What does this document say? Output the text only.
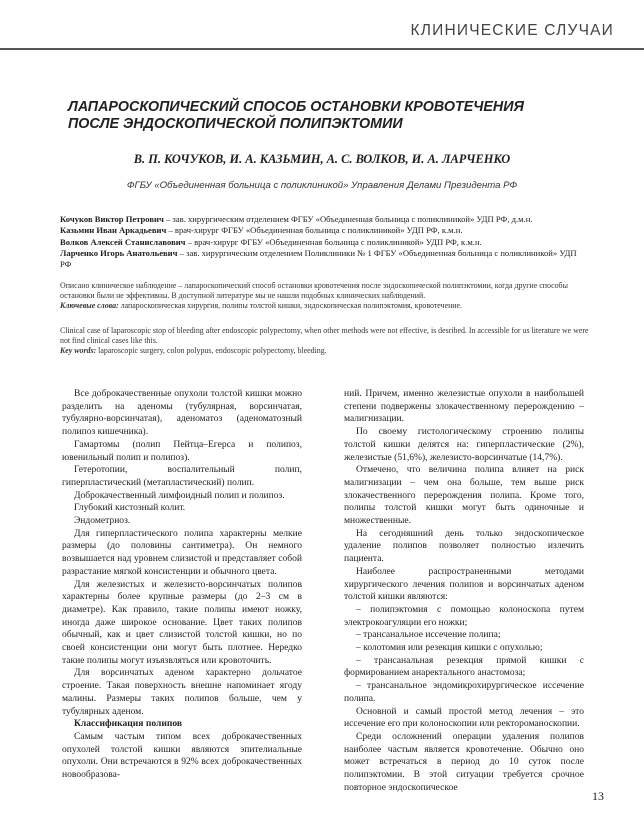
КЛИНИЧЕСКИЕ СЛУЧАИ
ЛАПАРОСКОПИЧЕСКИЙ СПОСОБ ОСТАНОВКИ КРОВОТЕЧЕНИЯ
ПОСЛЕ ЭНДОСКОПИЧЕСКОЙ ПОЛИПЭКТОМИИ
В. П. КОЧУКОВ, И. А. КАЗЬМИН, А. С. ВОЛКОВ, И. А. ЛАРЧЕНКО
ФГБУ «Объединенная больница с поликлиникой» Управления Делами Президента РФ

Кочуков Виктор Петрович – зав. хирургическим отделением ФГБУ «Объединенная больница с поликлиникой» УДП РФ, д.м.н.

Казьмин Иван Аркадьевич – врач-хирург ФГБУ «Объединенная больница с поликлиникой» УДП РФ, к.м.н.

Волков Алексей Станиславович – врач-хирург ФГБУ «Объединенная больница с поликлиникой» УДП РФ, к.м.н.

Ларченко Игорь Анатольевич – зав. хирургическим отделением Поликлиники № 1 ФГБУ «Объединенная больница с поликлиникой» УДП РФ

Описано клиническое наблюдение – лапароскопический способ остановки кровотечения после эндоскопической полипэктомии, когда другие способы остановки были не эффективны. В доступной литературе мы не нашли подобных клинических наблюдений.

Ключевые слова: лапароскопическая хирургия, полипы толстой кишки, эндоскопическая полипэктомия, кровотечение.

Clinical case of laparoscopic stop of bleeding after endoscopic polypectomy, when other methods were not effective, is desribed. In accessible for us literature we were not find clinical cases like this.

Key words: laparoscopic surgery, colon polypus, endoscopic polypectomy, bleeding.

Все доброкачественные опухоли толстой кишки можно разделить на аденомы (тубулярная, ворсинчатая, тубулярно-ворсинчатая), аденоматоз (аденоматозный полипоз кишечника).

Гамартомы (полип Пейтца–Егерса и полипоз, ювенильный полип и полипоз).

Гетеротопии, воспалительный полип, гиперпластический (метапластический) полип.

Доброкачественный лимфоидный полип и полипоз.

Глубокий кистозный колит.

Эндометриоз.

Для гиперпластического полипа характерны мелкие размеры (до половины сантиметра). Он немного возвышается над уровнем слизистой и представляет собой разрастание мягкой консистенции и обычного цвета.

Для железистых и железисто-ворсинчатых полипов характерны более крупные размеры (до 2–3 см в диаметре). Как правило, такие полипы имеют ножку, иногда даже широкое основание. Цвет таких полипов обычный, как и цвет слизистой толстой кишки, но по своей консистенции они могут быть плотнее. Нередко такие полипы могут изъязвляться или кровоточить.

Для ворсинчатых аденом характерно дольчатое строение. Такая поверхность внешне напоминает ягоду малины. Размеры таких полипов больше, чем у тубулярных аденом.

Классификация полипов

Самым частым типом всех доброкачественных опухолей толстой кишки являются эпителиальные опухоли. Они встречаются в 92% всех доброкачественных новообразова-

ний. Причем, именно железистые опухоли в наибольшей степени подвержены злокачественному перерождению – малигнизации.

По своему гистологическому строению полипы толстой кишки делятся на: гиперпластические (2%), железистые (51,6%), железисто-ворсинчатые (14,7%).

Отмечено, что величина полипа влияет на риск малигнизации – чем она больше, тем выше риск злокачественного перерождения полипа. Кроме того, полипы толстой кишки могут быть одиночные и множественные.

На сегодняшний день только эндоскопическое удаление полипов позволяет полностью излечить пациента.

Наиболее распространенными методами хирургического лечения полипов и ворсинчатых аденом толстой кишки являются:

– полипэктомия с помощью колоноскопа путем электрокоагуляции его ножки;

– трансанальное иссечение полипа;

– колотомия или резекция кишки с опухолью;

– трансанальная резекция прямой кишки с формированием анаректального анастомоза;

– трансанальное эндомикрохирургическое иссечение полипа.

Основной и самый простой метод лечения – это иссечение его при колоноскопии или ректороманоскопии.

Среди осложнений операции удаления полипов наиболее частым является кровотечение. Обычно оно может встречаться в период до 10 суток после полипэктомии. В этой ситуации требуется срочное повторное эндоскопическое

13
